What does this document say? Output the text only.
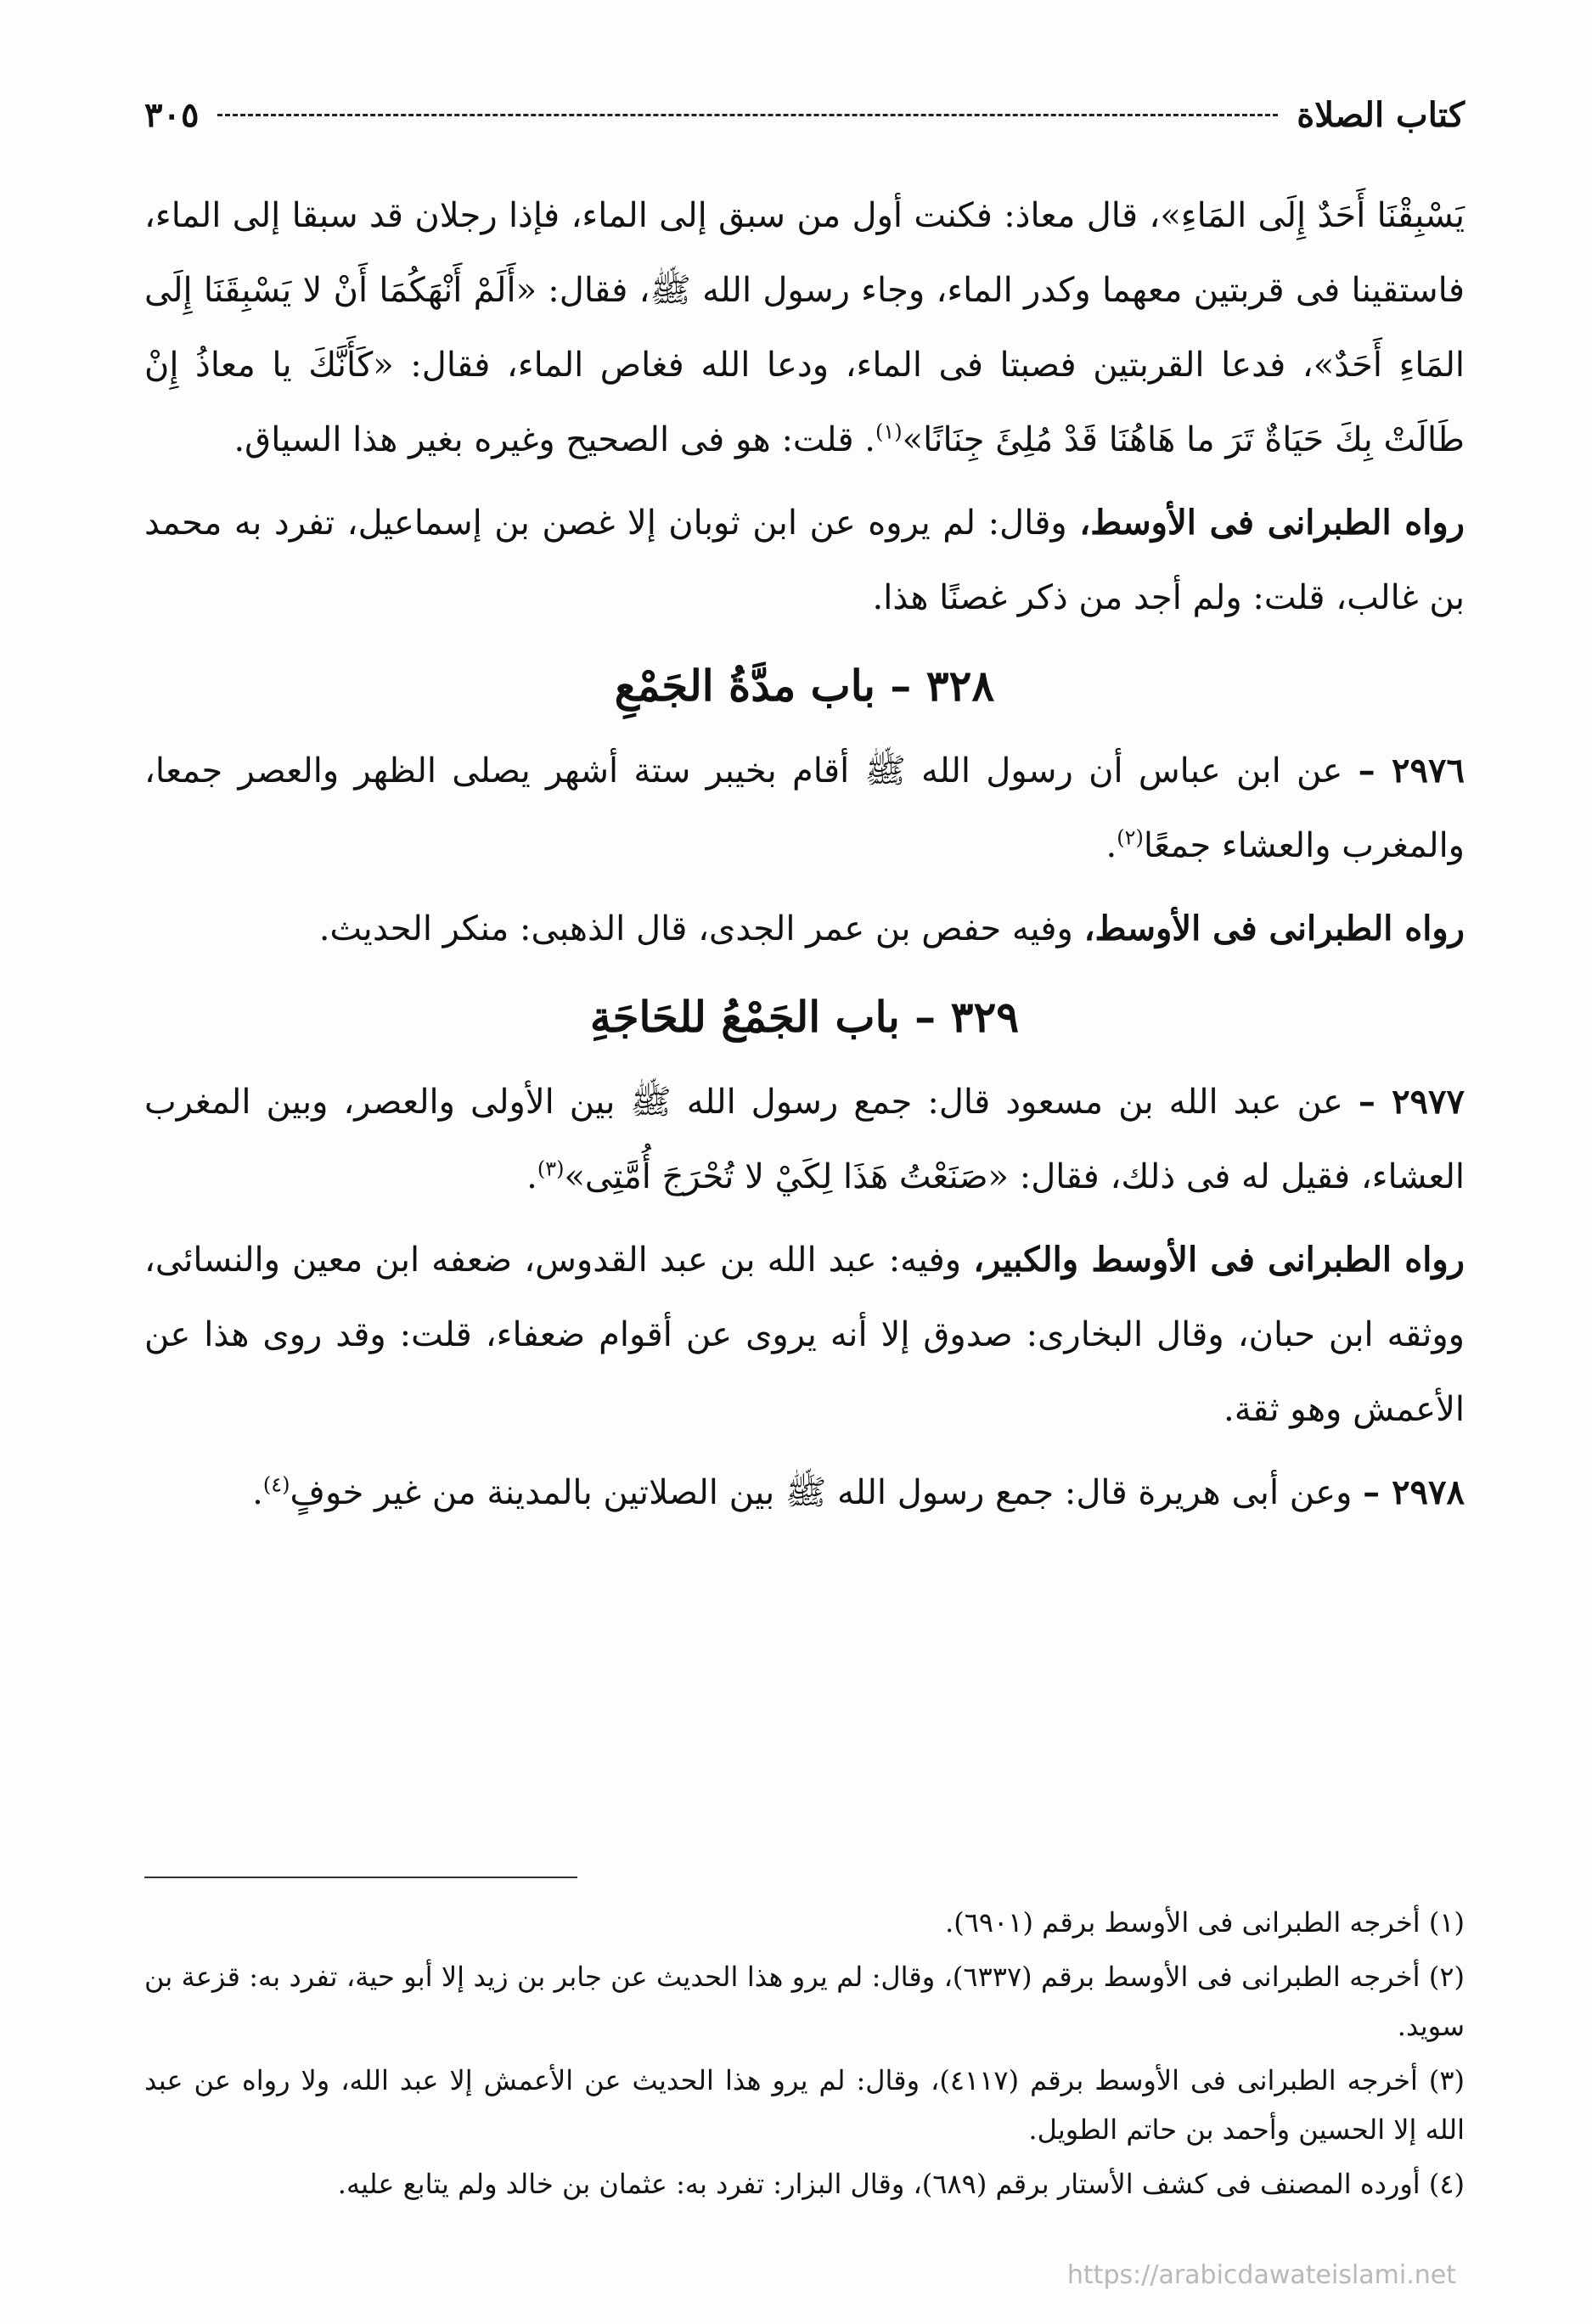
كتاب الصلاة
٣٠٥

يَسْبِقْنَا أَحَدٌ إِلَى المَاءِ»، قال معاذ: فكنت أول من سبق إلى الماء، فإذا رجلان قد سبقا إلى الماء، فاستقينا فى قربتين معهما وكدر الماء، وجاء رسول الله ﷺ، فقال: «أَلَمْ أَنْهَكُمَا أَنْ لا يَسْبِقَنَا إِلَى المَاءِ أَحَدٌ»، فدعا القربتين فصبتا فى الماء، ودعا الله فغاص الماء، فقال: «كَأَنَّكَ يا معاذُ إِنْ طَالَتْ بِكَ حَيَاةٌ تَرَ ما هَاهُنَا قَدْ مُلِئَ جِنَانًا»$^{(١)}$. قلت: هو فى الصحيح وغيره بغير هذا السياق.

رواه الطبرانى فى الأوسط، وقال: لم يروه عن ابن ثوبان إلا غصن بن إسماعيل، تفرد به محمد بن غالب، قلت: ولم أجد من ذكر غصنًا هذا.

٣٢٨ – باب مدَّةُ الجَمْعِ

٢٩٧٦ – عن ابن عباس أن رسول الله ﷺ أقام بخيبر ستة أشهر يصلى الظهر والعصر جمعا، والمغرب والعشاء جمعًا$^{(٢)}$.

رواه الطبرانى فى الأوسط، وفيه حفص بن عمر الجدى، قال الذهبى: منكر الحديث.

٣٢٩ – باب الجَمْعُ للحَاجَةِ

٢٩٧٧ – عن عبد الله بن مسعود قال: جمع رسول الله ﷺ بين الأولى والعصر، وبين المغرب العشاء، فقيل له فى ذلك، فقال: «صَنَعْتُ هَذَا لِكَيْ لا تُحْرَجَ أُمَّتِى»$^{(٣)}$.

رواه الطبرانى فى الأوسط والكبير، وفيه: عبد الله بن عبد القدوس، ضعفه ابن معين والنسائى، ووثقه ابن حبان، وقال البخارى: صدوق إلا أنه يروى عن أقوام ضعفاء، قلت: وقد روى هذا عن الأعمش وهو ثقة.

٢٩٧٨ – وعن أبى هريرة قال: جمع رسول الله ﷺ بين الصلاتين بالمدينة من غير خوفٍ$^{(٤)}$.

(١) أخرجه الطبرانى فى الأوسط برقم (٦٩٠١).

(٢) أخرجه الطبرانى فى الأوسط برقم (٦٣٣٧)، وقال: لم يرو هذا الحديث عن جابر بن زيد إلا أبو حية، تفرد به: قزعة بن سويد.

(٣) أخرجه الطبرانى فى الأوسط برقم (٤١١٧)، وقال: لم يرو هذا الحديث عن الأعمش إلا عبد الله، ولا رواه عن عبد الله إلا الحسين وأحمد بن حاتم الطويل.

(٤) أورده المصنف فى كشف الأستار برقم (٦٨٩)، وقال البزار: تفرد به: عثمان بن خالد ولم يتابع عليه.

https://arabicdawateislami.net
